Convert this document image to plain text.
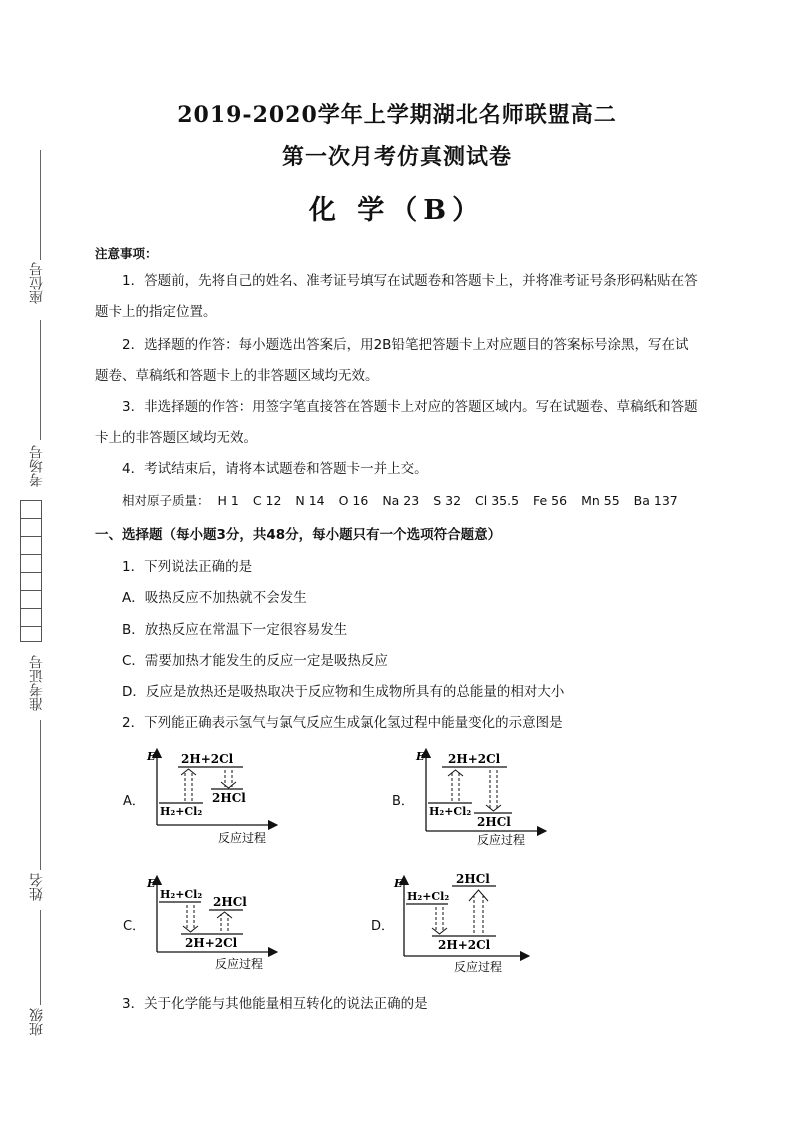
座位号
考场号
准考证号
姓名
班级
2019-2020学年上学期湖北名师联盟高二
第一次月考仿真测试卷
化 学（B）
注意事项：
1．答题前，先将自己的姓名、准考证号填写在试题卷和答题卡上，并将准考证号条形码粘贴在答题卡上的指定位置。
2．选择题的作答：每小题选出答案后，用2B铅笔把答题卡上对应题目的答案标号涂黑，写在试题卷、草稿纸和答题卡上的非答题区域均无效。
3．非选择题的作答：用签字笔直接答在答题卡上对应的答题区域内。写在试题卷、草稿纸和答题卡上的非答题区域均无效。
4．考试结束后，请将本试题卷和答题卡一并上交。
相对原子质量： H 1 C 12 N 14 O 16 Na 23 S 32 Cl 35.5 Fe 56 Mn 55 Ba 137
一、选择题（每小题3分，共48分，每小题只有一个选项符合题意）
1．下列说法正确的是
A．吸热反应不加热就不会发生
B．放热反应在常温下一定很容易发生
C．需要加热才能发生的反应一定是吸热反应
D．反应是放热还是吸热取决于反应物和生成物所具有的总能量的相对大小
2．下列能正确表示氢气与氯气反应生成氯化氢过程中能量变化的示意图是
A．	B．
C．	D．
E
反应过程
2H+2Cl
H₂+Cl₂
2HCl
E
反应过程
2H+2Cl
H₂+Cl₂
2HCl
E
反应过程
H₂+Cl₂
2HCl
2H+2Cl
E
反应过程
H₂+Cl₂
2HCl
2H+2Cl
3．关于化学能与其他能量相互转化的说法正确的是
